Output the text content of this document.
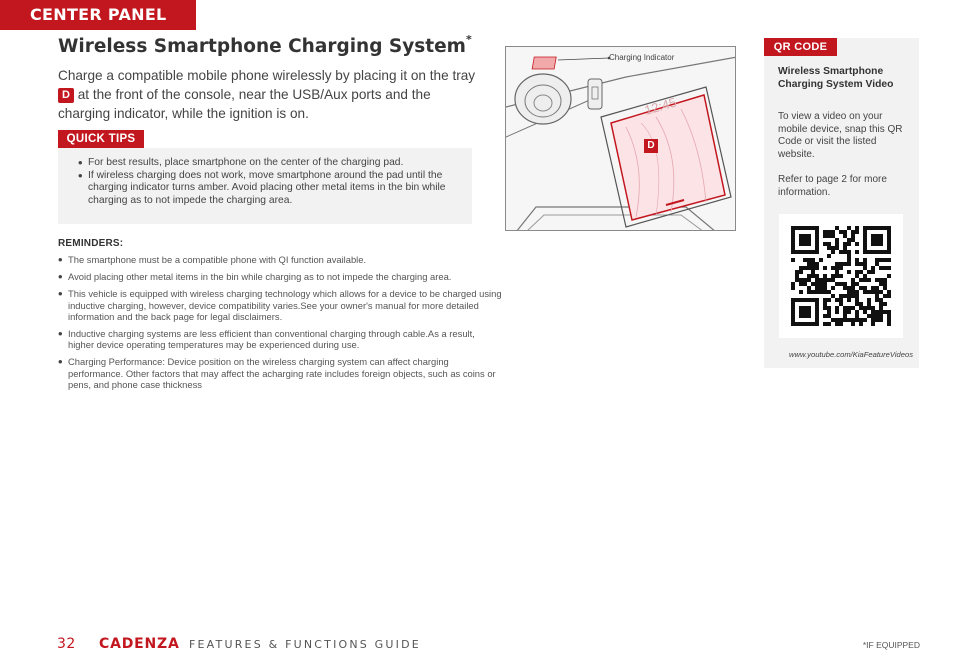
CENTER PANEL
Wireless Smartphone Charging System*

Charge a compatible mobile phone wirelessly by placing it on the tray D at the front of the console, near the USB/Aux ports and the charging indicator, while the ignition is on.

QUICK TIPS
• For best results, place smartphone on the center of the charging pad.
• If wireless charging does not work, move smartphone around the pad until the charging indicator turns amber. Avoid placing other metal items in the bin while charging as to not impede the charging area.
REMINDERS:
• The smartphone must be a compatible phone with QI function available.
• Avoid placing other metal items in the bin while charging as to not impede the charging area.
• This vehicle is equipped with wireless charging technology which allows for a device to be charged using inductive charging, however, device compatibility varies.See your owner's manual for more detailed information and the back page for legal disclaimers.
• Inductive charging systems are less efficient than conventional charging through cable.As a result, higher device operating temperatures may be experienced during use.
• Charging Performance: Device position on the wireless charging system can affect charging performance. Other factors that may affect the acharging rate includes foreign objects, such as coins or pens, and phone case thickness
12:45
Charging Indicator
D
QR CODE
Wireless Smartphone Charging System Video
To view a video on your mobile device, snap this QR Code or visit the listed website.
Refer to page 2 for more information.
www.youtube.com/KiaFeatureVideos
32 CADENZA FEATURES & FUNCTIONS GUIDE	*IF EQUIPPED
